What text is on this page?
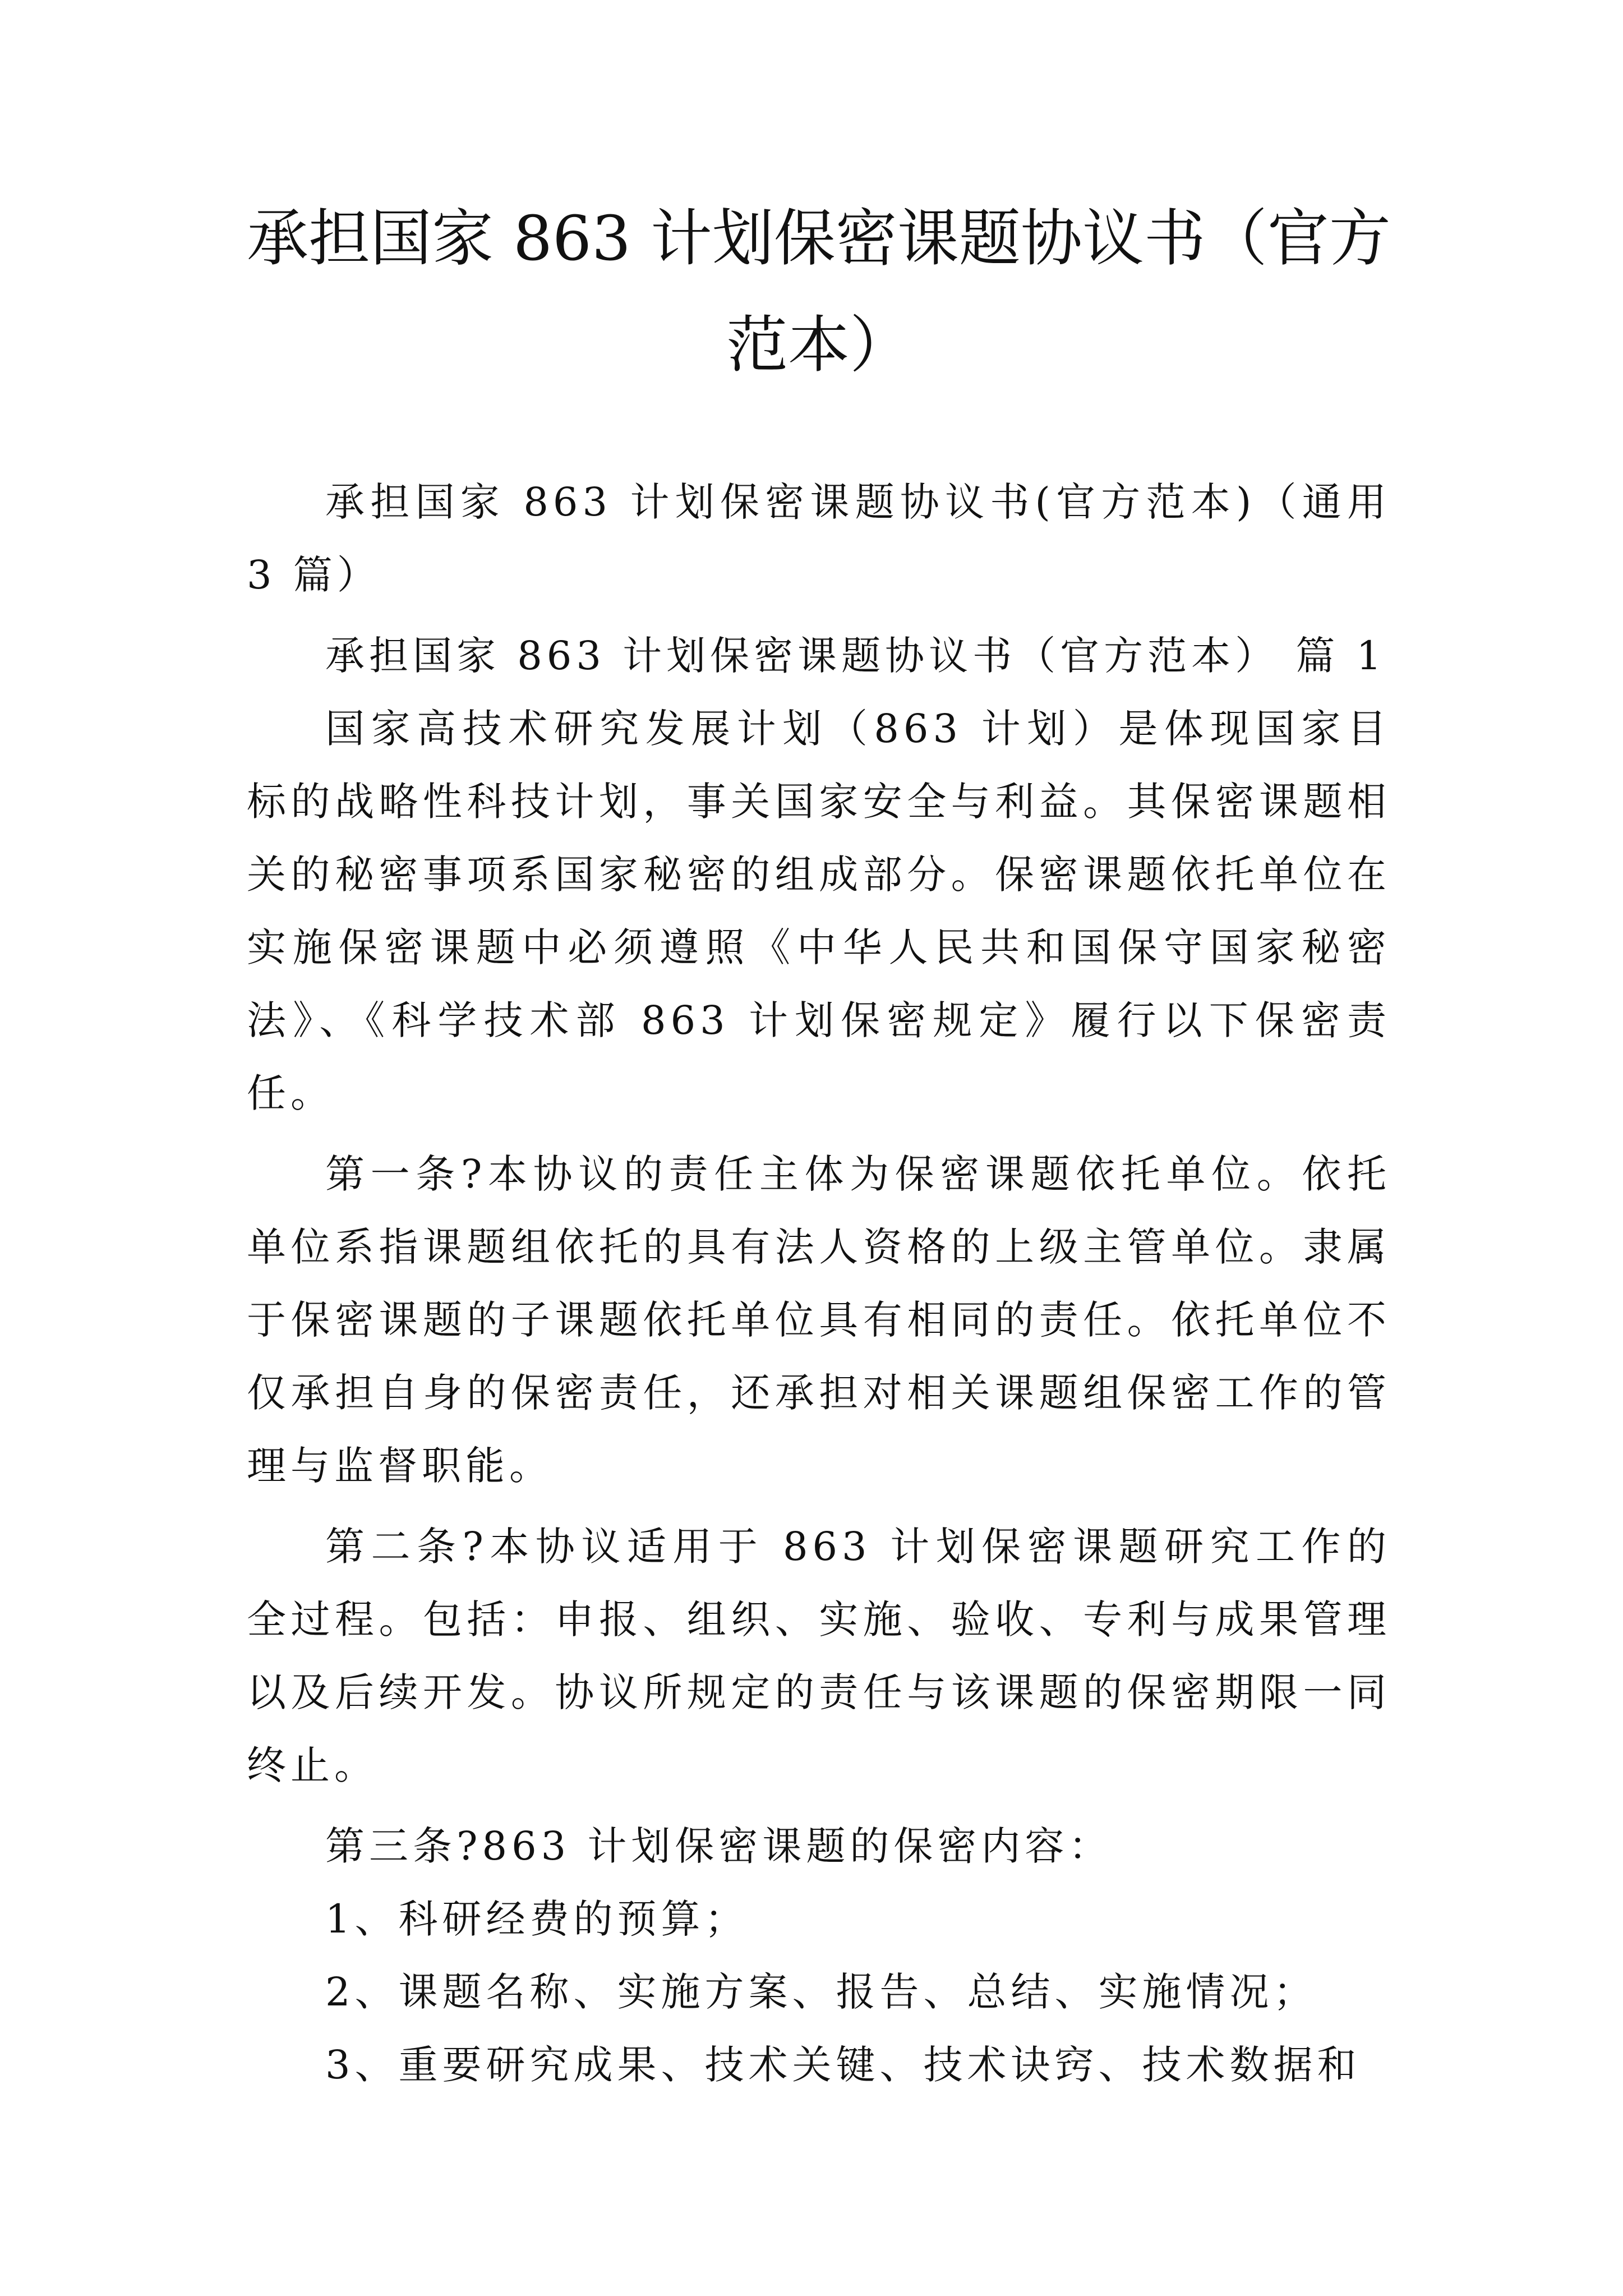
承担国家 863 计划保密课题协议书（官方范本）

承担国家 863 计划保密课题协议书(官方范本)（通用 3 篇）

承担国家 863 计划保密课题协议书（官方范本） 篇 1

国家高技术研究发展计划（863 计划）是体现国家目标的战略性科技计划，事关国家安全与利益。其保密课题相关的秘密事项系国家秘密的组成部分。保密课题依托单位在实施保密课题中必须遵照《中华人民共和国保守国家秘密法》、《科学技术部 863 计划保密规定》履行以下保密责任。

第一条?本协议的责任主体为保密课题依托单位。依托单位系指课题组依托的具有法人资格的上级主管单位。隶属于保密课题的子课题依托单位具有相同的责任。依托单位不仅承担自身的保密责任，还承担对相关课题组保密工作的管理与监督职能。

第二条?本协议适用于 863 计划保密课题研究工作的全过程。包括：申报、组织、实施、验收、专利与成果管理以及后续开发。协议所规定的责任与该课题的保密期限一同终止。

第三条?863 计划保密课题的保密内容：

1、科研经费的预算；

2、课题名称、实施方案、报告、总结、实施情况；

3、重要研究成果、技术关键、技术诀窍、技术数据和
